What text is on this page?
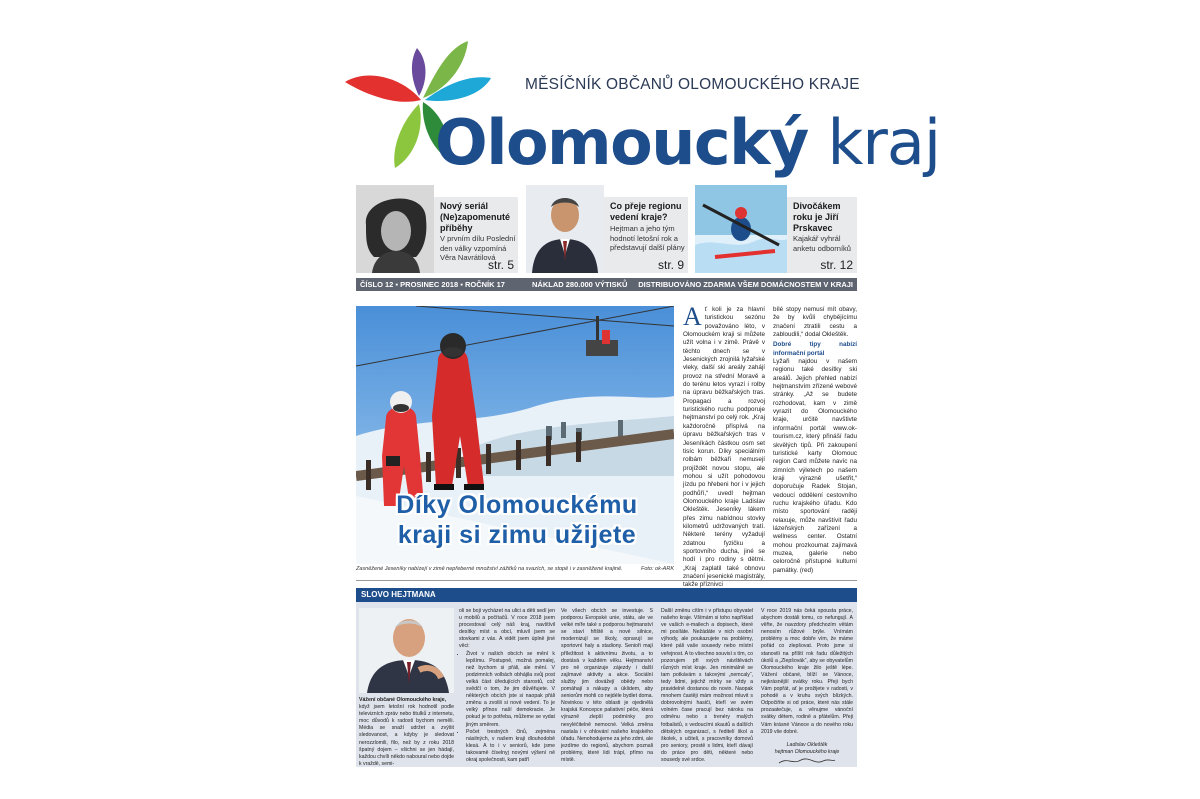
MĚSÍČNÍK OBČANŮ OLOMOUCKÉHO KRAJE
Olomoucký kraj
Nový seriál (Ne)zapomenuté příběhy

V prvním dílu Poslední den války vzpomíná Věra Navrátilová

str. 5
Co přeje regionu vedení kraje?

Hejtman a jeho tým hodnotí letošní rok a představují další plány

str. 9
Divočákem roku je Jiří Prskavec

Kajakář vyhrál anketu odborníků

str. 12
ČÍSLO 12 ▪ PROSINEC 2018 ▪ ROČNÍK 17	NÁKLAD 280.000 VÝTISKŮ DISTRIBUOVÁNO ZDARMA VŠEM DOMÁCNOSTEM V KRAJI
Díky Olomouckému
kraji si zimu užijete
Zasněžené Jeseníky nabízejí v zimě nepřeberné množství zážitků na svazích, se stopě i v zasněžené krajině.	Foto: ok-ARK

Ať koli je za hlavní turistickou sezónu považováno léto, v Olomouckém kraji si můžete užít volna i v zimě. Právě v těchto dnech se v Jesenických zrojnilá lyžařské vleky, další ski areály zahájí provoz na střední Moravě a do terénu letos vyrazí i rolby na úpravu běžkařských tras. Propagaci a rozvoj turistického ruchu podporuje hejtmanství po celý rok. „Kraj každoročně přispívá na úpravu běžkařských tras v Jeseníkách částkou osm set tisíc korun. Díky speciálním rolbám běžkaři nemusejí projíždět novou stopu, ale mohou si užít pohodovou jízdu po hřebeni hor i v jejich podhůří,“ uvedl hejtman Olomouckého kraje Ladislav Okleštěk. Jeseníky lákem přes zimu nabídnou stovky kilometrů udržovaných tratí. Některé terény vyžadují zdatnou fyzičku a sportovního ducha, jiné se hodí i pro rodiny s dětmi. „Kraj zaplatil také obnovu značení jesenické magistrály, takže příznivci

bílé stopy nemusí mít obavy, že by kvůli chybějícímu značení ztratili cestu a zabloudili,“ dodal Okleštěk.

Dobré tipy nabízí informační portál

Lyžaři najdou v našem regionu také desítky ski areálů. Jejich přehled nabízí hejtmanstvím zřízené webové stránky. „Až se budete rozhodovat, kam v zimě vyrazit do Olomouckého kraje, určitě navštivte informační portál www.ok-tourism.cz, který přináší řadu skvělých tipů. Při zakoupení turistické karty Olomouc region Card můžete navíc na zimních výletech po našem kraji výrazně ušetřit,“ doporučuje Radek Stojan, vedoucí oddělení cestovního ruchu krajského úřadu. Kdo místo sportování raději relaxuje, může navštívit řadu lázeňských zařízení a wellness center. Ostatní mohou prozkoumat zajímavá muzea, galerie nebo celoročně přístupné kulturní památky. (red)

SLOVO HEJTMANA

Vážení občané Olomouckého kraje,

když jsem letošní rok hodnotil podle televizních zpráv nebo titulků z internetu, moc důvodů k radosti bychom neměli. Média se snaží udržet a zvýšit sledovanost, a kdyby je sledovat nerozzlomili, filo, než by z roku 2018 špatný dojem – všichni se jen hádají, každou chvíli někdo naboural nebo dojde k vraždě, semi-

oli se boji vycházet na ulici a děti sedí jen u mobilů a počítačů. V roce 2018 jsem procestoval celý náš kraj, navštívil desítky míst a obcí, mluvil jsem se stovkami z vás. A vidět jsem úplně jiné věci:

• Život v našich obcích se mění k lepšímu. Postupně, možná pomalej, než bychom si přáli, ale mění. V podzimních volbách obhájila svůj post velká část úředujících starostů, což svědčí o tom, že jim důvěřujete. V některých obcích jste si naopak přáli změnu a zvolili si nové vedení. To je velký přínos naší demokracie. Je pokud je to potřeba, můžeme se vydat jiným směrem.
• Počet trestných činů, zejména násilných, v našem kraji dlouhodobě klesá. A to i v seniorů, kde jsme takovamě číselnyj novými výšení ně okraj společnosti, kam patří

Ve všech obcích se investuje. S podporou Evropské unie, státu, ale ve velké míře také s podporou hejtmanství se staví hřiště a nové silnice, modernizují se školy, opravují se sportovní haly a stadiony. Senioři mají příležitost k aktivnímu životu, a to dostává v každém věku. Hejtmanství pro ně organizuje zájezdy i další zajímavé aktivity a akce. Sociální služby jim dovážejí obědy nebo pomáhají s nákupy a úklidem, aby seniorům mohli co nejdéle bydlet doma. Novinkou v této oblasti je ojedinělá krajská Koncepce paliativní péče, která výrazně zlepší podmínky pro nevyléčitelně nemocné. Velká změna nastala i v ohlování našeho krajského úřadu. Nenohodujeme za jeho zdmi, ale jezdíme do regionů, abychom poznali problémy, které lidi trápí, přímo na místě.

Další změnu cítím i v přístupu obyvatel našeho kraje. Všímám si toho například ve vašich e-mailech a dopisech, které mi posíláte. Nežádáte v nich osobní výhody, ale poukazujete na problémy, které páli vaše sousedy nebo místní veřejnost. A to všechno souvisí s tím, co pozorujem při svých návštěvách různých míst kraje. Jen minimálně se tam potkávám s takovými „nemcaly“, tedy lidmi, jejichž mírky se vždy a pravidelně dostanou do novin. Naopak mnohem častěji mám možnost mluvit s dobrovolnými hasiči, kteří ve svém volném čase pracují bez nároku na odměnu nebo s trenéry malých fotbalistů, s vedoucími skautů a dalších dětských organizací, s ředitelí škol a školek, s učiteli, s pracovníky domovů pro seniory, prostě s lidmi, kteří dávají do práce pro děti, některé nebo sousedy své srdce.

V roce 2019 nás čeká spousta práce, abychom dostáli tomu, co nefungují. A věřte, že navzdory předchozím větám nenosím růžové brýle. Vnímám problémy a moc dobře vím, že máme pořád co zlepšovat. Proto jsme si stanovili na příští rok řadu důležitých úkolů a „Zlepšovák“, aby se obyvatelům Olomouckého kraje žilo ještě lépe. Vážení občané, blíží se Vánoce, nejkrásnější svátky roku. Přeji bych Vám popřát, ať je prožijete v radosti, v pohodě a v kruhu svých blízkých. Odpočiňte si od práce, které nás stále prozaatečuje, a věnujme vánoční svátky dětem, rodině a přátelům. Přeji Vám krásné Vánoce a do nového roku 2019 vše dobré.

Ladislav Okleštěk
hejtman Olomouckého kraje
